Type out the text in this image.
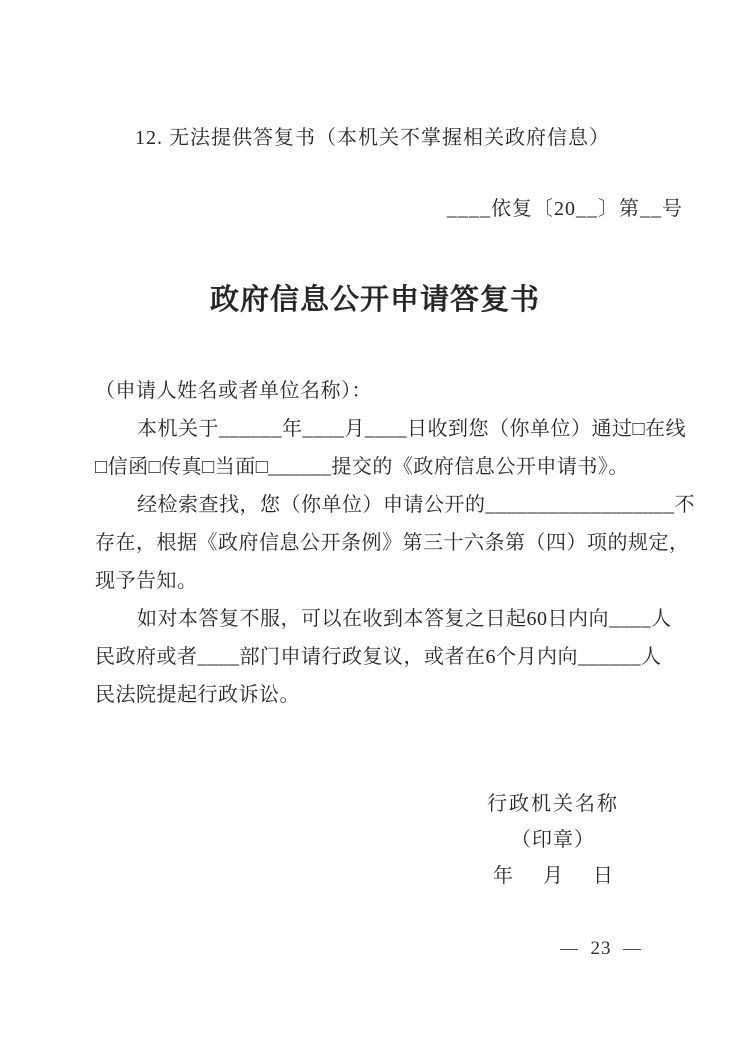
12. 无法提供答复书（本机关不掌握相关政府信息）
____依复〔20__〕第__号
政府信息公开申请答复书
（申请人姓名或者单位名称）：
本机关于______年____月____日收到您（你单位）通过□在线
□信函□传真□当面□______提交的《政府信息公开申请书》。
经检索查找，您（你单位）申请公开的__________________不
存在，根据《政府信息公开条例》第三十六条第（四）项的规定，
现予告知。
如对本答复不服，可以在收到本答复之日起60日内向____人
民政府或者____部门申请行政复议，或者在6个月内向______人
民法院提起行政诉讼。
行政机关名称
（印章）
年 月 日
— 23 —
